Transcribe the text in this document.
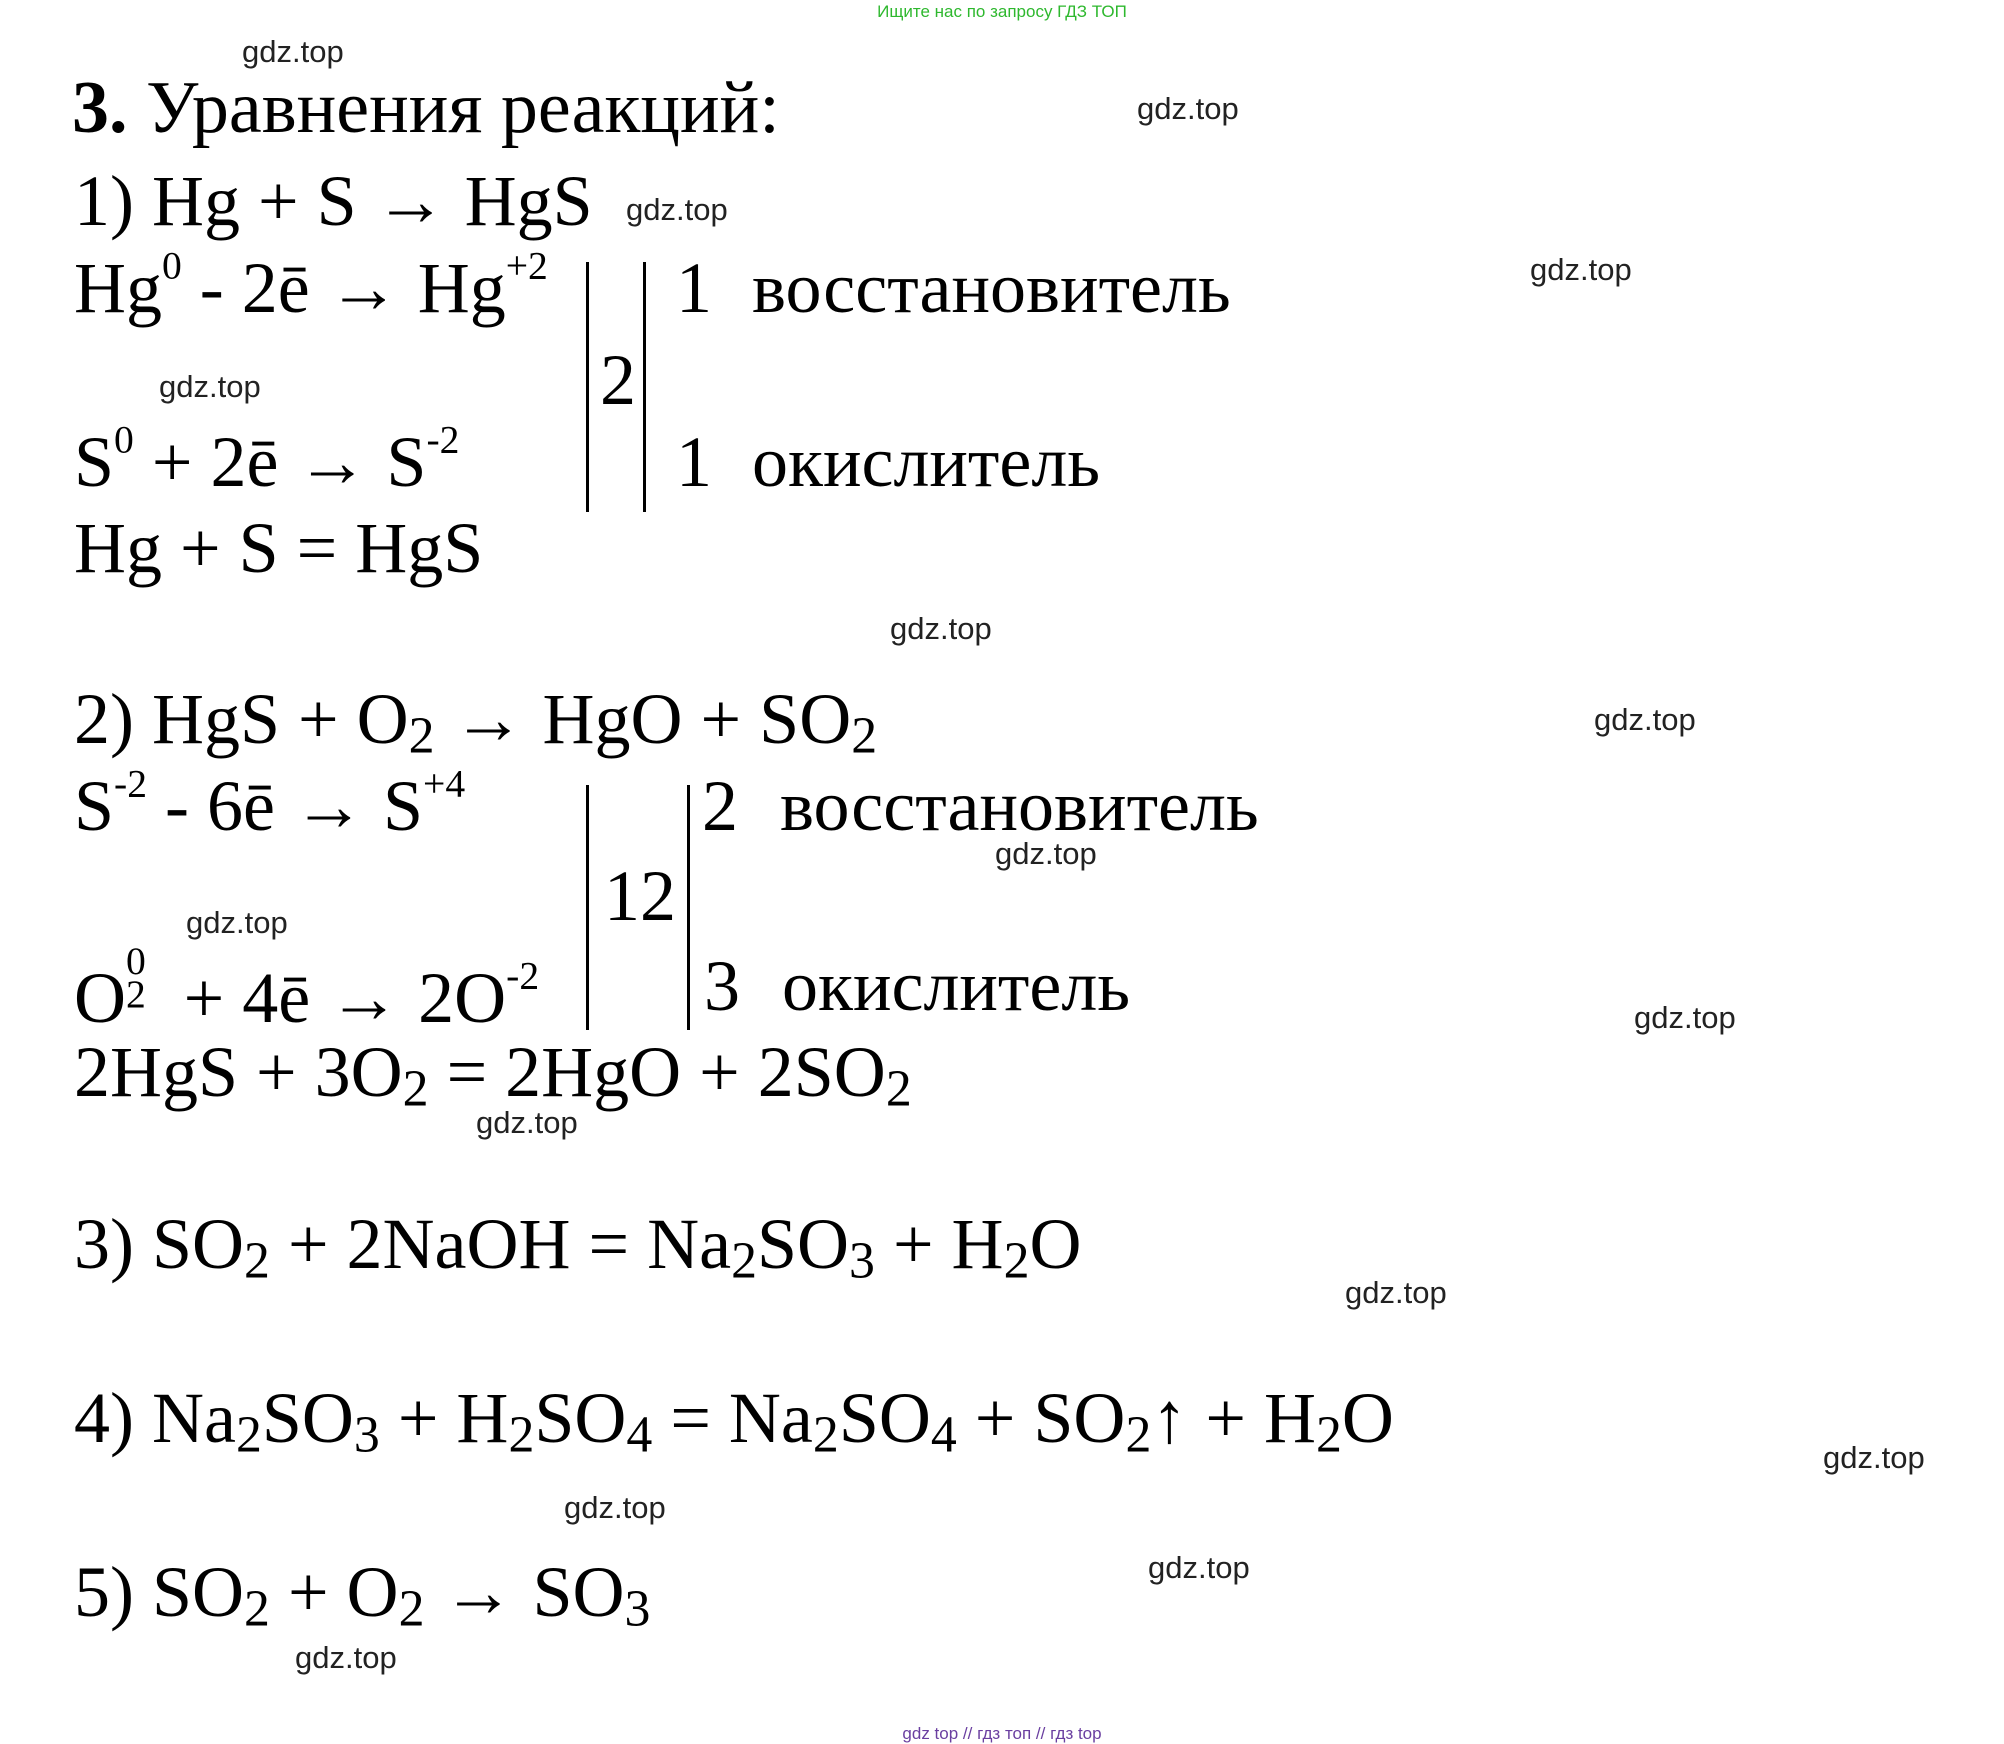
Ищите нас по запросу ГДЗ ТОП
gdz top // гдз топ // гдз top
gdz.top
gdz.top
gdz.top
gdz.top
gdz.top
gdz.top
gdz.top
gdz.top
gdz.top
gdz.top
gdz.top
gdz.top
gdz.top
gdz.top
gdz.top
gdz.top
3. Уравнения реакций:
1) Hg + S → HgS
Hg$^0$ - 2ē → $Hg^{+2}$
$S^0$ + 2ē → $S^{-2}$
2
1 восстановитель
1 окислитель
Hg + S = HgS
2) HgS + O2 → HgO + SO2
$S^{-2}$ - 6ē → $S^{+4}$
O 0
2 + 4ē → $2O^{-2}$
12
2 восстановитель
3 окислитель
2HgS + 3O2 = 2HgO + 2SO2
3) SO2 + 2NaOH = Na2SO3 + H2O
4) Na2SO3 + H2SO4 = Na2SO4 + SO2↑ + H2O
5) SO2 + O2 → SO3
